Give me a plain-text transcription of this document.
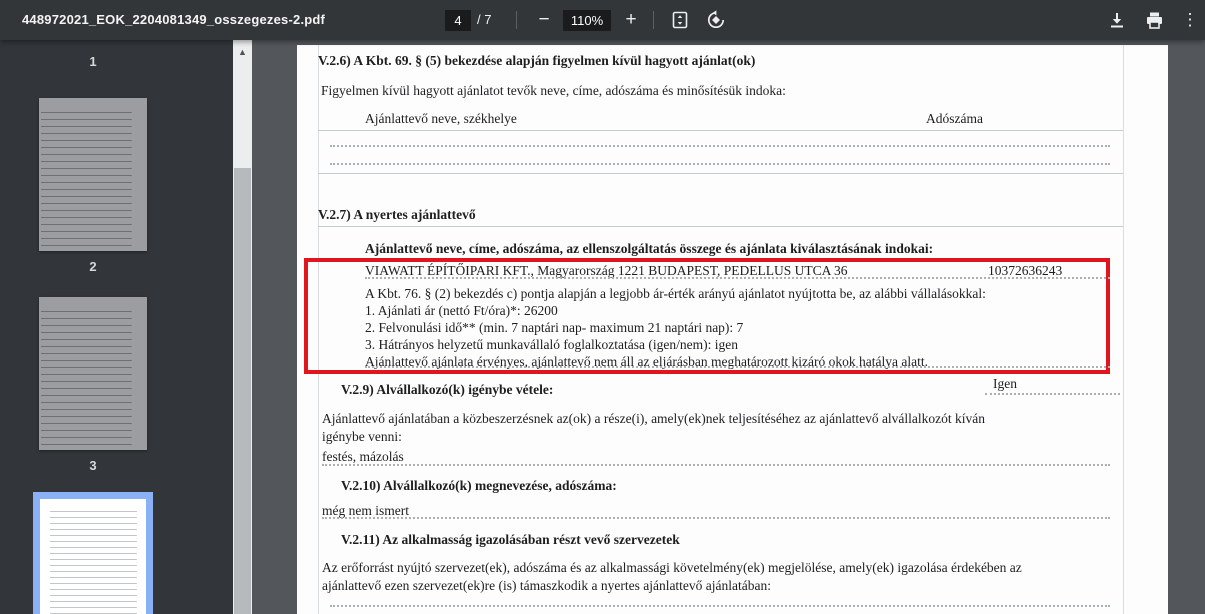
448972021_EOK_2204081349_osszegezes-2.pdf	4	/ 7 −	110%	+	⋮
1
2
3
▲
V.2.6) A Kbt. 69. § (5) bekezdése alapján figyelmen kívül hagyott ajánlat(ok)
Figyelmen kívül hagyott ajánlatot tevők neve, címe, adószáma és minősítésük indoka:
Ajánlattevő neve, székhelye	Adószáma
V.2.7) A nyertes ajánlattevő
Ajánlattevő neve, címe, adószáma, az ellenszolgáltatás összege és ajánlata kiválasztásának indokai:
VIAWATT ÉPÍTŐIPARI KFT., Magyarország 1221 BUDAPEST, PEDELLUS UTCA 36	10372636243
A Kbt. 76. § (2) bekezdés c) pontja alapján a legjobb ár-érték arányú ajánlatot nyújtotta be, az alábbi vállalásokkal:
1. Ajánlati ár (nettó Ft/óra)*: 26200
2. Felvonulási idő** (min. 7 naptári nap- maximum 21 naptári nap): 7
3. Hátrányos helyzetű munkavállaló foglalkoztatása (igen/nem): igen
Ajánlattevő ajánlata érvényes, ajánlattevő nem áll az eljárásban meghatározott kizáró okok hatálya alatt.
Igen
V.2.9) Alvállalkozó(k) igénybe vétele:
Ajánlattevő ajánlatában a közbeszerzésnek az(ok) a része(i), amely(ek)nek teljesítéséhez az ajánlattevő alvállalkozót kíván
igénybe venni:
festés, mázolás
V.2.10) Alvállalkozó(k) megnevezése, adószáma:
még nem ismert
V.2.11) Az alkalmasság igazolásában részt vevő szervezetek
Az erőforrást nyújtó szervezet(ek), adószáma és az alkalmassági követelmény(ek) megjelölése, amely(ek) igazolása érdekében az
ajánlattevő ezen szervezet(ek)re (is) támaszkodik a nyertes ajánlattevő ajánlatában:
